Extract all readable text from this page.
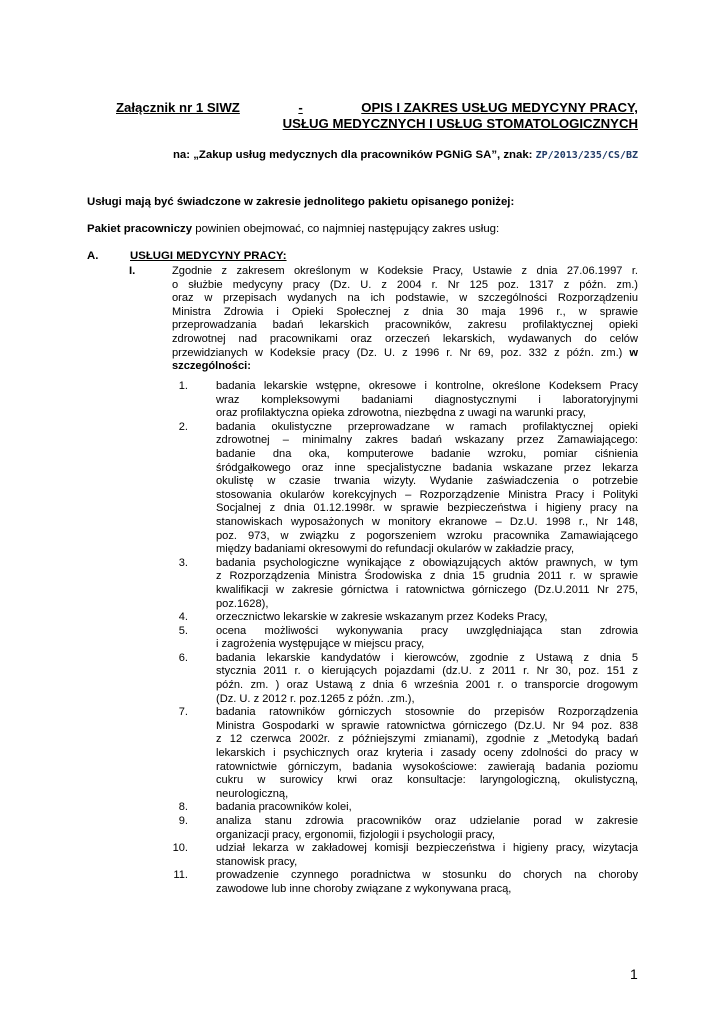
Załącznik nr 1 SIWZ	-	OPIS I ZAKRES USŁUG MEDYCYNY PRACY,
USŁUG MEDYCZNYCH I USŁUG STOMATOLOGICZNYCH
na: „Zakup usług medycznych dla pracowników PGNiG SA”, znak: ZP/2013/235/CS/BZ
Usługi mają być świadczone w zakresie jednolitego pakietu opisanego poniżej:
Pakiet pracowniczy powinien obejmować, co najmniej następujący zakres usług:
A.	USŁUGI MEDYCYNY PRACY:
I.	Zgodnie z zakresem określonym w Kodeksie Pracy, Ustawie z dnia 27.06.1997 r.
o służbie medycyny pracy (Dz. U. z 2004 r. Nr 125 poz. 1317 z późn. zm.)
oraz w przepisach wydanych na ich podstawie, w szczególności Rozporządzeniu
Ministra Zdrowia i Opieki Społecznej z dnia 30 maja 1996 r., w sprawie
przeprowadzania badań lekarskich pracowników, zakresu profilaktycznej opieki
zdrowotnej nad pracownikami oraz orzeczeń lekarskich, wydawanych do celów
przewidzianych w Kodeksie pracy (Dz. U. z 1996 r. Nr 69, poz. 332 z późn. zm.) w
szczególności:
1.	badania lekarskie wstępne, okresowe i kontrolne, określone Kodeksem Pracy
wraz kompleksowymi badaniami diagnostycznymi i laboratoryjnymi
oraz profilaktyczna opieka zdrowotna, niezbędna z uwagi na warunki pracy,
2.	badania okulistyczne przeprowadzane w ramach profilaktycznej opieki
zdrowotnej – minimalny zakres badań wskazany przez Zamawiającego:
badanie dna oka, komputerowe badanie wzroku, pomiar ciśnienia
śródgałkowego oraz inne specjalistyczne badania wskazane przez lekarza
okulistę w czasie trwania wizyty. Wydanie zaświadczenia o potrzebie
stosowania okularów korekcyjnych – Rozporządzenie Ministra Pracy i Polityki
Socjalnej z dnia 01.12.1998r. w sprawie bezpieczeństwa i higieny pracy na
stanowiskach wyposażonych w monitory ekranowe – Dz.U. 1998 r., Nr 148,
poz. 973, w związku z pogorszeniem wzroku pracownika Zamawiającego
między badaniami okresowymi do refundacji okularów w zakładzie pracy,
3.	badania psychologiczne wynikające z obowiązujących aktów prawnych, w tym
z Rozporządzenia Ministra Środowiska z dnia 15 grudnia 2011 r. w sprawie
kwalifikacji w zakresie górnictwa i ratownictwa górniczego (Dz.U.2011 Nr 275,
poz.1628),
4.	orzecznictwo lekarskie w zakresie wskazanym przez Kodeks Pracy,
5.	ocena możliwości wykonywania pracy uwzględniająca stan zdrowia
i zagrożenia występujące w miejscu pracy,
6.	badania lekarskie kandydatów i kierowców, zgodnie z Ustawą z dnia 5
stycznia 2011 r. o kierujących pojazdami (dz.U. z 2011 r. Nr 30, poz. 151 z
późn. zm. ) oraz Ustawą z dnia 6 września 2001 r. o transporcie drogowym
(Dz. U. z 2012 r. poz.1265 z późn. .zm.),
7.	badania ratowników górniczych stosownie do przepisów Rozporządzenia
Ministra Gospodarki w sprawie ratownictwa górniczego (Dz.U. Nr 94 poz. 838
z 12 czerwca 2002r. z późniejszymi zmianami), zgodnie z „Metodyką badań
lekarskich i psychicznych oraz kryteria i zasady oceny zdolności do pracy w
ratownictwie górniczym, badania wysokościowe: zawierają badania poziomu
cukru w surowicy krwi oraz konsultacje: laryngologiczną, okulistyczną,
neurologiczną,
8.	badania pracowników kolei,
9.	analiza stanu zdrowia pracowników oraz udzielanie porad w zakresie
organizacji pracy, ergonomii, fizjologii i psychologii pracy,
10.	udział lekarza w zakładowej komisji bezpieczeństwa i higieny pracy, wizytacja
stanowisk pracy,
11.	prowadzenie czynnego poradnictwa w stosunku do chorych na choroby
zawodowe lub inne choroby związane z wykonywana pracą,
1
